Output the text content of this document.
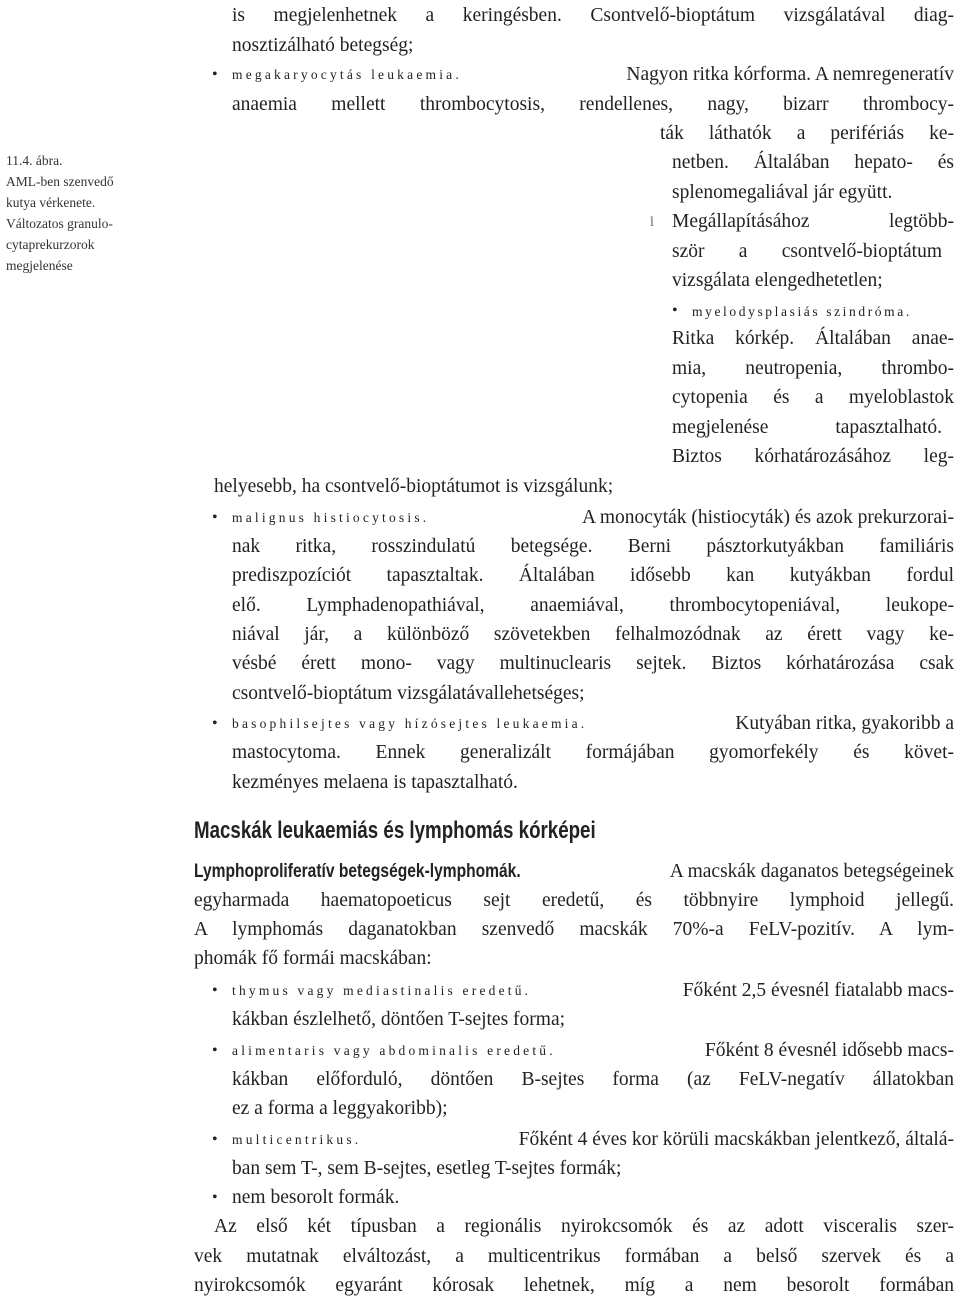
11.4. ábra.
AML-ben szenvedő
kutya vérkenete.
Változatos granulo-
cytaprekurzorok
megjelenése
is megjelenhetnek a keringésben. Csontvelő-bioptátum vizsgálatával diag-
nosztizálható betegség;
• megakaryocytás leukaemia.	Nagyon ritka kórforma. A nemregeneratív
anaemia mellett thrombocytosis, rendellenes, nagy, bizarr thrombocy-
ták láthatók a perifériás ke-
netben. Általában hepato- és
splenomegaliával jár együtt.
l Megállapításához legtöbb-
ször a csontvelő-bioptátum
vizsgálata elengedhetetlen;
• myelodysplasiás szindróma.
Ritka kórkép. Általában anae-
mia, neutropenia, thrombo-
cytopenia és a myeloblastok
megjelenése tapasztalható.
Biztos kórhatározásához leg-
helyesebb, ha csontvelő-bioptátumot is vizsgálunk;
• malignus histiocytosis.	A monocyták (histiocyták) és azok prekurzorai-
nak ritka, rosszindulatú betegsége. Berni pásztorkutyákban familiáris
prediszpozíciót tapasztaltak. Általában idősebb kan kutyákban fordul
elő. Lymphadenopathiával, anaemiával, thrombocytopeniával, leukope-
niával jár, a különböző szövetekben felhalmozódnak az érett vagy ke-
vésbé érett mono- vagy multinuclearis sejtek. Biztos kórhatározása csak
csontvelő-bioptátum vizsgálatávallehetséges;
• basophilsejtes vagy hízósejtes leukaemia.	Kutyában ritka, gyakoribb a
mastocytoma. Ennek generalizált formájában gyomorfekély és követ-
kezményes melaena is tapasztalható.
Macskák leukaemiás és lymphomás kórképei
Lymphoproliferatív betegségek-lymphomák.	A macskák daganatos betegségeinek
egyharmada haematopoeticus sejt eredetű, és többnyire lymphoid jellegű.
A lymphomás daganatokban szenvedő macskák 70%-a FeLV-pozitív. A lym-
phomák fő formái macskában:
• thymus vagy mediastinalis eredetű.	Főként 2,5 évesnél fiatalabb macs-
kákban észlelhető, döntően T-sejtes forma;
• alimentaris vagy abdominalis eredetű.	Főként 8 évesnél idősebb macs-
kákban előforduló, döntően B-sejtes forma (az FeLV-negatív állatokban
ez a forma a leggyakoribb);
• multicentrikus.	Főként 4 éves kor körüli macskákban jelentkező, általá-
ban sem T-, sem B-sejtes, esetleg T-sejtes formák;
• nem besorolt formák.
Az első két típusban a regionális nyirokcsomók és az adott visceralis szer-
vek mutatnak elváltozást, a multicentrikus formában a belső szervek és a
nyirokcsomók egyaránt kórosak lehetnek, míg a nem besorolt formában
